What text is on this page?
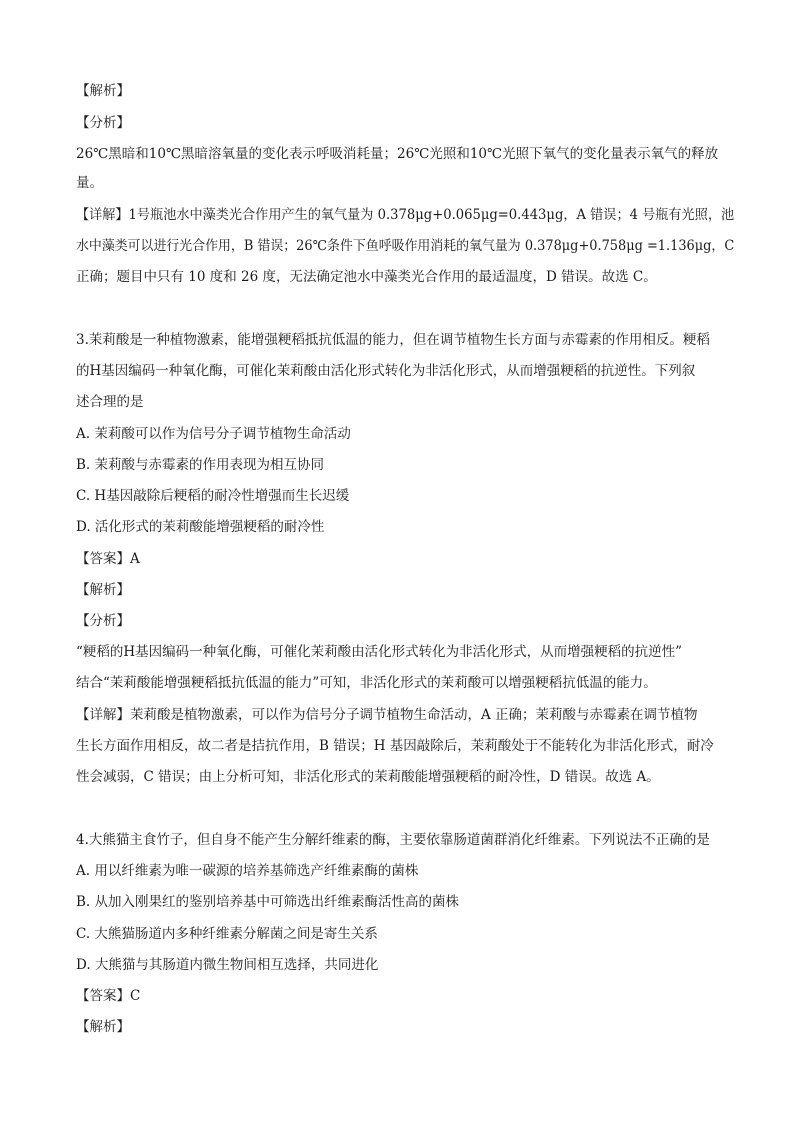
【解析】
【分析】
26℃黑暗和10℃黑暗溶氧量的变化表示呼吸消耗量；26℃光照和10℃光照下氧气的变化量表示氧气的释放
量。
【详解】1号瓶池水中藻类光合作用产生的氧气量为 0.378μg+0.065μg=0.443μg，A 错误；4 号瓶有光照，池
水中藻类可以进行光合作用，B 错误；26℃条件下鱼呼吸作用消耗的氧气量为 0.378μg+0.758μg =1.136μg，C
正确；题目中只有 10 度和 26 度，无法确定池水中藻类光合作用的最适温度，D 错误。故选 C。
3.茉莉酸是一种植物激素，能增强粳稻抵抗低温的能力，但在调节植物生长方面与赤霉素的作用相反。粳稻
的H基因编码一种氧化酶，可催化茉莉酸由活化形式转化为非活化形式，从而增强粳稻的抗逆性。下列叙
述合理的是
A. 茉莉酸可以作为信号分子调节植物生命活动
B. 茉莉酸与赤霉素的作用表现为相互协同
C. H基因敲除后粳稻的耐冷性增强而生长迟缓
D. 活化形式的茉莉酸能增强粳稻的耐冷性
【答案】A
【解析】
【分析】
“粳稻的H基因编码一种氧化酶，可催化茉莉酸由活化形式转化为非活化形式，从而增强粳稻的抗逆性”
结合“茉莉酸能增强粳稻抵抗低温的能力”可知，非活化形式的茉莉酸可以增强粳稻抗低温的能力。
【详解】茉莉酸是植物激素，可以作为信号分子调节植物生命活动，A 正确；茉莉酸与赤霉素在调节植物
生长方面作用相反，故二者是拮抗作用，B 错误；H 基因敲除后，茉莉酸处于不能转化为非活化形式，耐冷
性会减弱，C 错误；由上分析可知，非活化形式的茉莉酸能增强粳稻的耐冷性，D 错误。故选 A。
4.大熊猫主食竹子，但自身不能产生分解纤维素的酶，主要依靠肠道菌群消化纤维素。下列说法不正确的是
A. 用以纤维素为唯一碳源的培养基筛选产纤维素酶的菌株
B. 从加入刚果红的鉴别培养基中可筛选出纤维素酶活性高的菌株
C. 大熊猫肠道内多种纤维素分解菌之间是寄生关系
D. 大熊猫与其肠道内微生物间相互选择，共同进化
【答案】C
【解析】
